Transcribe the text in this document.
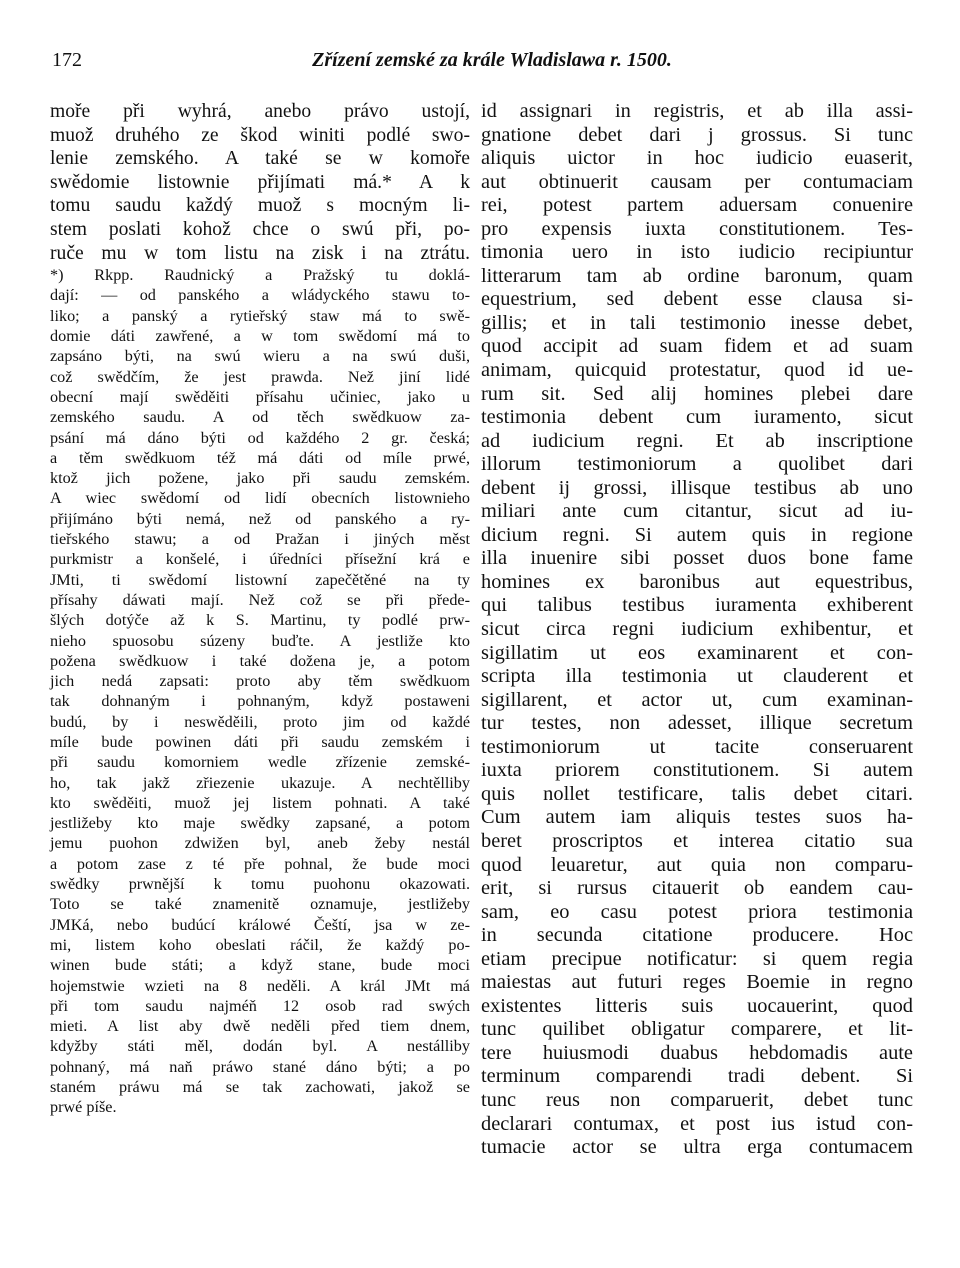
172	Zřízení zemské za krále Wladislawa r. 1500.
moře při wyhrá, anebo právo ustojí,
muož druhého ze škod winiti podlé swo-
lenie zemského. A také se w komoře
swědomie listownie přijímati má.* A k
tomu saudu každý muož s mocným li-
stem poslati kohož chce o swú při, po-
ruče mu w tom listu na zisk i na ztrátu.
*) Rkpp. Raudnický a Pražský tu doklá-
dají: — od panského a wládyckého stawu to-
liko; a panský a rytieřský staw má to swě-
domie dáti zawřené, a w tom swědomí má to
zapsáno býti, na swú wieru a na swú duši,
což swědčím, že jest prawda. Než jiní lidé
obecní mají swěděiti přísahu učiniec, jako u
zemského saudu. A od těch swědkuow za-
psání má dáno býti od každého 2 gr. česká;
a těm swědkuom též má dáti od míle prwé,
ktož jich požene, jako při saudu zemském.
A wiec swědomí od lidí obecních listownieho
přijímáno býti nemá, než od panského a ry-
tieřského stawu; a od Pražan i jiných měst
purkmistr a konšelé, i úředníci přísežní krá e
JMti, ti swědomí listowní zapečětěné na ty
přísahy dáwati mají. Než což se při přede-
šlých dotýče až k S. Martinu, ty podlé prw-
nieho spuosobu súzeny buďte. A jestliže kto
požena swědkuow i také dožena je, a potom
jich nedá zapsati: proto aby těm swědkuom
tak dohnaným i pohnaným, když postaweni
budú, by i neswěděili, proto jim od každé
míle bude powinen dáti při saudu zemském i
při saudu komorniem wedle zřízenie zemské-
ho, tak jakž zřiezenie ukazuje. A nechtělliby
kto swěděiti, muož jej listem pohnati. A také
jestližeby kto maje swědky zapsané, a potom
jemu puohon zdwižen byl, aneb žeby nestál
a potom zase z té pře pohnal, že bude moci
swědky prwnější k tomu puohonu okazowati.
Toto se také znamenitě oznamuje, jestližeby
JMKá, nebo budúcí králowé Čeští, jsa w ze-
mi, listem koho obeslati ráčil, že každý po-
winen bude státi; a když stane, bude moci
hojemstwie wzieti na 8 neděli. A král JMt má
při tom saudu najméň 12 osob rad swých
mieti. A list aby dwě neděli před tiem dnem,
kdyžby státi měl, dodán byl. A nestálliby
pohnaný, má naň práwo stané dáno býti; a po
staném práwu má se tak zachowati, jakož se
prwé píše.
id assignari in registris, et ab illa assi-
gnatione debet dari j grossus. Si tunc
aliquis uictor in hoc iudicio euaserit,
aut obtinuerit causam per contumaciam
rei, potest partem aduersam conuenire
pro expensis iuxta constitutionem. Tes-
timonia uero in isto iudicio recipiuntur
litterarum tam ab ordine baronum, quam
equestrium, sed debent esse clausa si-
gillis; et in tali testimonio inesse debet,
quod accipit ad suam fidem et ad suam
animam, quicquid protestatur, quod id ue-
rum sit. Sed alij homines plebei dare
testimonia debent cum iuramento, sicut
ad iudicium regni. Et ab inscriptione
illorum testimoniorum a quolibet dari
debent ij grossi, illisque testibus ab uno
miliari ante cum citantur, sicut ad iu-
dicium regni. Si autem quis in regione
illa inuenire sibi posset duos bone fame
homines ex baronibus aut equestribus,
qui talibus testibus iuramenta exhiberent
sicut circa regni iudicium exhibentur, et
sigillatim ut eos examinarent et con-
scripta illa testimonia ut clauderent et
sigillarent, et actor ut, cum examinan-
tur testes, non adesset, illique secretum
testimoniorum ut tacite conseruarent
iuxta priorem constitutionem. Si autem
quis nollet testificare, talis debet citari.
Cum autem iam aliquis testes suos ha-
beret proscriptos et interea citatio sua
quod leuaretur, aut quia non comparu-
erit, si rursus citauerit ob eandem cau-
sam, eo casu potest priora testimonia
in secunda citatione producere. Hoc
etiam precipue notificatur: si quem regia
maiestas aut futuri reges Boemie in regno
existentes litteris suis uocauerint, quod
tunc quilibet obligatur comparere, et lit-
tere huiusmodi duabus hebdomadis aute
terminum comparendi tradi debent. Si
tunc reus non comparuerit, debet tunc
declarari contumax, et post ius istud con-
tumacie actor se ultra erga contumacem
